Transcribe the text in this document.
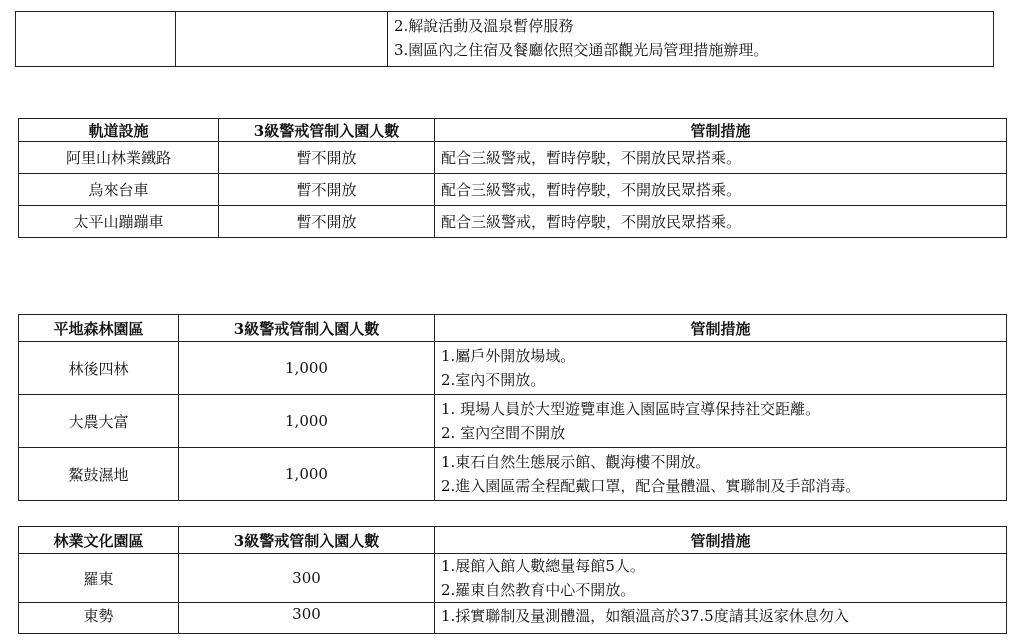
2.解說活動及溫泉暫停服務
3.園區內之住宿及餐廳依照交通部觀光局管理措施辦理。
軌道設施	3級警戒管制入園人數	管制措施
阿里山林業鐵路	暫不開放	配合三級警戒，暫時停駛，不開放民眾搭乘。
烏來台車	暫不開放	配合三級警戒，暫時停駛，不開放民眾搭乘。
太平山蹦蹦車	暫不開放	配合三級警戒，暫時停駛，不開放民眾搭乘。
平地森林園區	3級警戒管制入園人數	管制措施
林後四林	1,000	1.屬戶外開放場域。
2.室內不開放。

大農大富	1,000	1. 現場人員於大型遊覽車進入園區時宣導保持社交距離。
2. 室內空間不開放

鰲鼓濕地	1,000	1.東石自然生態展示館、觀海樓不開放。
2.進入園區需全程配戴口罩，配合量體溫、實聯制及手部消毒。
林業文化園區	3級警戒管制入園人數	管制措施
羅東	300	1.展館入館人數總量每館5人。
2.羅東自然教育中心不開放。

東勢	300	1.採實聯制及量測體溫，如額溫高於37.5度請其返家休息勿入
